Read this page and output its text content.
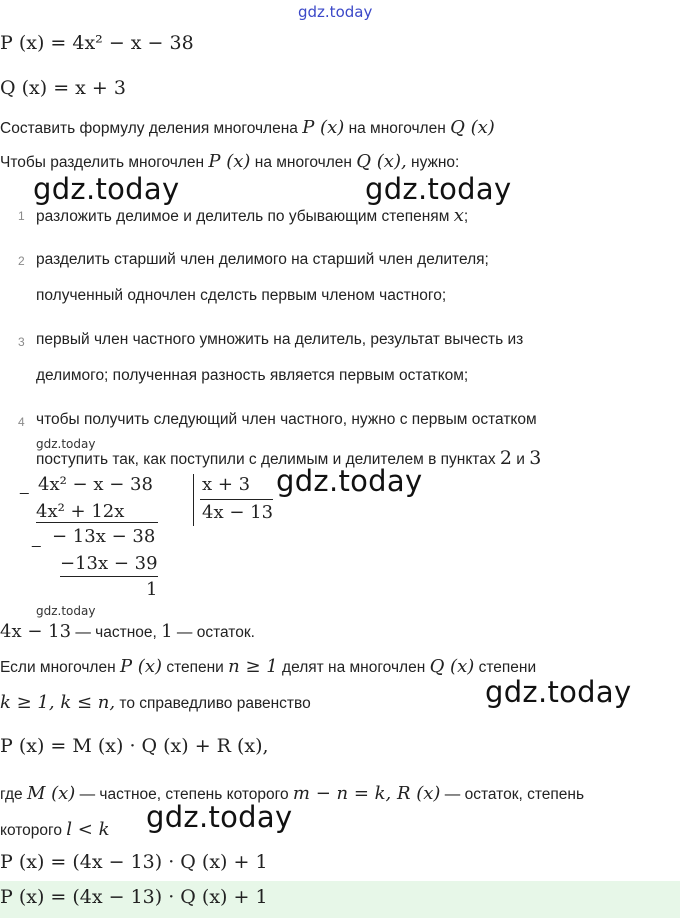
gdz.today
P (x) = 4x² − x − 38
Q (x) = x + 3
Составить формулу деления многочлена P (x) на многочлен Q (x)
Чтобы разделить многочлен P (x) на многочлен Q (x), нужно:
gdz.today	gdz.today
1 разложить делимое и делитель по убывающим степеням x;
2 разделить старший член делимого на старший член делителя;
полученный одночлен сделсть первым членом частного;
3 первый член частного умножить на делитель, результат вычесть из
делимого; полученная разность является первым остатком;
4 чтобы получить следующий член частного, нужно с первым остатком
gdz.today
поступить так, как поступили с делимым и делителем в пунктах 2 и 3
_ 4x² − x − 38
4x² + 12x
_ − 13x − 38
−13x − 39
1
x + 3
4x − 13
gdz.today
gdz.today
4x − 13 — частное, 1 — остаток.
Если многочлен P (x) степени n ≥ 1 делят на многочлен Q (x) степени
k ≥ 1, k ≤ n, то справедливо равенство	gdz.today
P (x) = M (x) · Q (x) + R (x),
где M (x) — частное, степень которого m − n = k, R (x) — остаток, степень
которого l < k gdz.today
P (x) = (4x − 13) · Q (x) + 1
P (x) = (4x − 13) · Q (x) + 1
